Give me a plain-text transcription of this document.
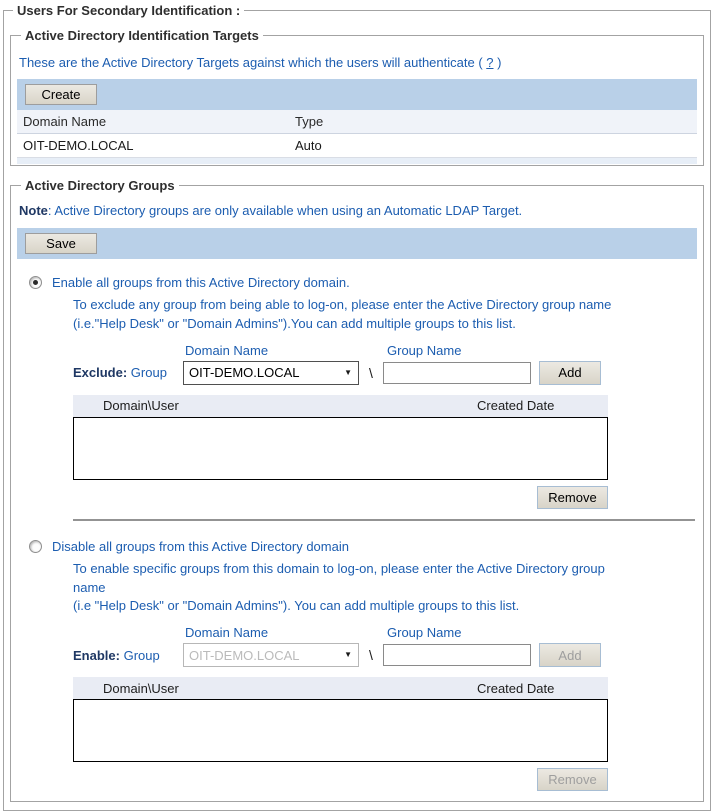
Users For Secondary Identification :
Active Directory Identification Targets
These are the Active Directory Targets against which the users will authenticate ( ? )
Create
Domain Name	Type
OIT-DEMO.LOCAL	Auto
Active Directory Groups
Note: Active Directory groups are only available when using an Automatic LDAP Target.
Save
Enable all groups from this Active Directory domain.
To exclude any group from being able to log-on, please enter the Active Directory group name
(i.e."Help Desk" or "Domain Admins").You can add multiple groups to this list.
Domain Name	Group Name
Exclude: Group
OIT-DEMO.LOCAL	▼	\	Add
Domain\User	Created Date
Remove
Disable all groups from this Active Directory domain
To enable specific groups from this domain to log-on, please enter the Active Directory group
name
(i.e "Help Desk" or "Domain Admins"). You can add multiple groups to this list.
Domain Name	Group Name
Enable: Group
OIT-DEMO.LOCAL	▼	\	Add
Domain\User	Created Date
Remove
